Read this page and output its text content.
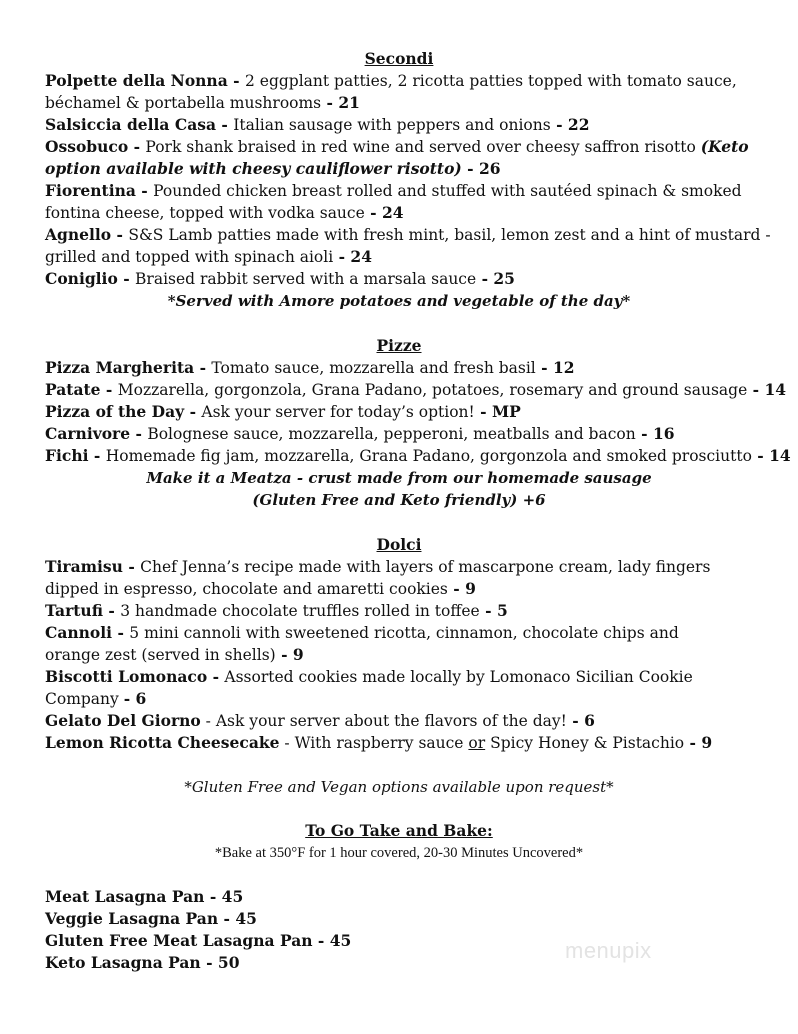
Secondi
Polpette della Nonna - 2 eggplant patties, 2 ricotta patties topped with tomato sauce,
béchamel & portabella mushrooms - 21
Salsiccia della Casa - Italian sausage with peppers and onions - 22
Ossobuco - Pork shank braised in red wine and served over cheesy saffron risotto (Keto
option available with cheesy cauliflower risotto) - 26
Fiorentina - Pounded chicken breast rolled and stuffed with sautéed spinach & smoked
fontina cheese, topped with vodka sauce - 24
Agnello - S&S Lamb patties made with fresh mint, basil, lemon zest and a hint of mustard -
grilled and topped with spinach aioli - 24
Coniglio - Braised rabbit served with a marsala sauce - 25
*Served with Amore potatoes and vegetable of the day*
Pizze
Pizza Margherita - Tomato sauce, mozzarella and fresh basil - 12
Patate - Mozzarella, gorgonzola, Grana Padano, potatoes, rosemary and ground sausage - 14
Pizza of the Day - Ask your server for today’s option! - MP
Carnivore - Bolognese sauce, mozzarella, pepperoni, meatballs and bacon - 16
Fichi - Homemade fig jam, mozzarella, Grana Padano, gorgonzola and smoked prosciutto - 14
Make it a Meatza - crust made from our homemade sausage
(Gluten Free and Keto friendly) +6
Dolci
Tiramisu - Chef Jenna’s recipe made with layers of mascarpone cream, lady fingers
dipped in espresso, chocolate and amaretti cookies - 9
Tartufi - 3 handmade chocolate truffles rolled in toffee - 5
Cannoli - 5 mini cannoli with sweetened ricotta, cinnamon, chocolate chips and
orange zest (served in shells) - 9
Biscotti Lomonaco - Assorted cookies made locally by Lomonaco Sicilian Cookie
Company - 6
Gelato Del Giorno - Ask your server about the flavors of the day! - 6
Lemon Ricotta Cheesecake - With raspberry sauce or Spicy Honey & Pistachio - 9
*Gluten Free and Vegan options available upon request*
To Go Take and Bake:
*Bake at 350°F for 1 hour covered, 20-30 Minutes Uncovered*
Meat Lasagna Pan - 45
Veggie Lasagna Pan - 45
Gluten Free Meat Lasagna Pan - 45
Keto Lasagna Pan - 50	menupix
